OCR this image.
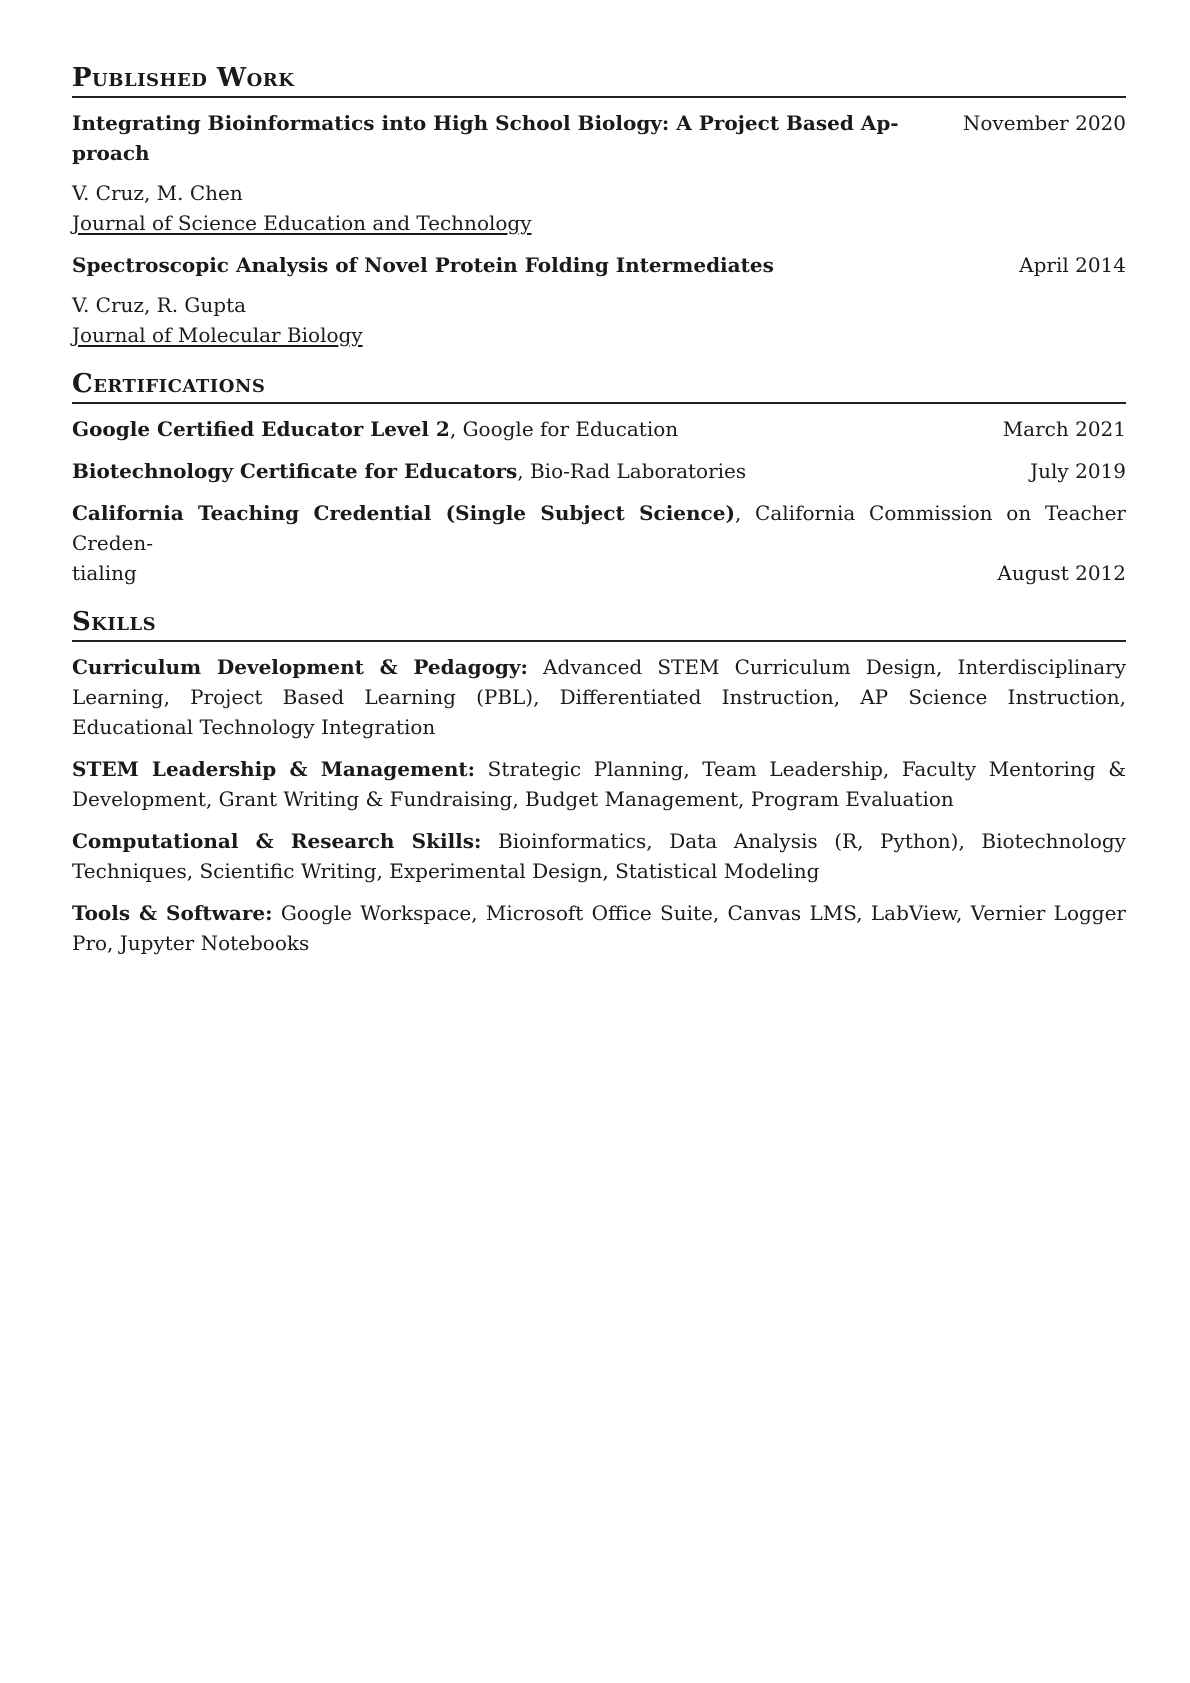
Published Work
Integrating Bioinformatics into High School Biology: A Project Based Ap-
proach
November 2020
V. Cruz, M. Chen
Journal of Science Education and Technology
Spectroscopic Analysis of Novel Protein Folding Intermediates	April 2014
V. Cruz, R. Gupta
Journal of Molecular Biology
Certifications
Google Certified Educator Level 2, Google for Education	March 2021
Biotechnology Certificate for Educators, Bio-Rad Laboratories	July 2019
California Teaching Credential (Single Subject Science), California Commission on Teacher Creden-
tialing	August 2012
Skills
Curriculum Development & Pedagogy: Advanced STEM Curriculum Design, Interdisciplinary Learning, Project Based Learning (PBL), Differentiated Instruction, AP Science Instruction, Educational Technology Integration
STEM Leadership & Management: Strategic Planning, Team Leadership, Faculty Mentoring & Development, Grant Writing & Fundraising, Budget Management, Program Evaluation
Computational & Research Skills: Bioinformatics, Data Analysis (R, Python), Biotechnology Techniques, Scientific Writing, Experimental Design, Statistical Modeling
Tools & Software: Google Workspace, Microsoft Office Suite, Canvas LMS, LabView, Vernier Logger Pro, Jupyter Notebooks
